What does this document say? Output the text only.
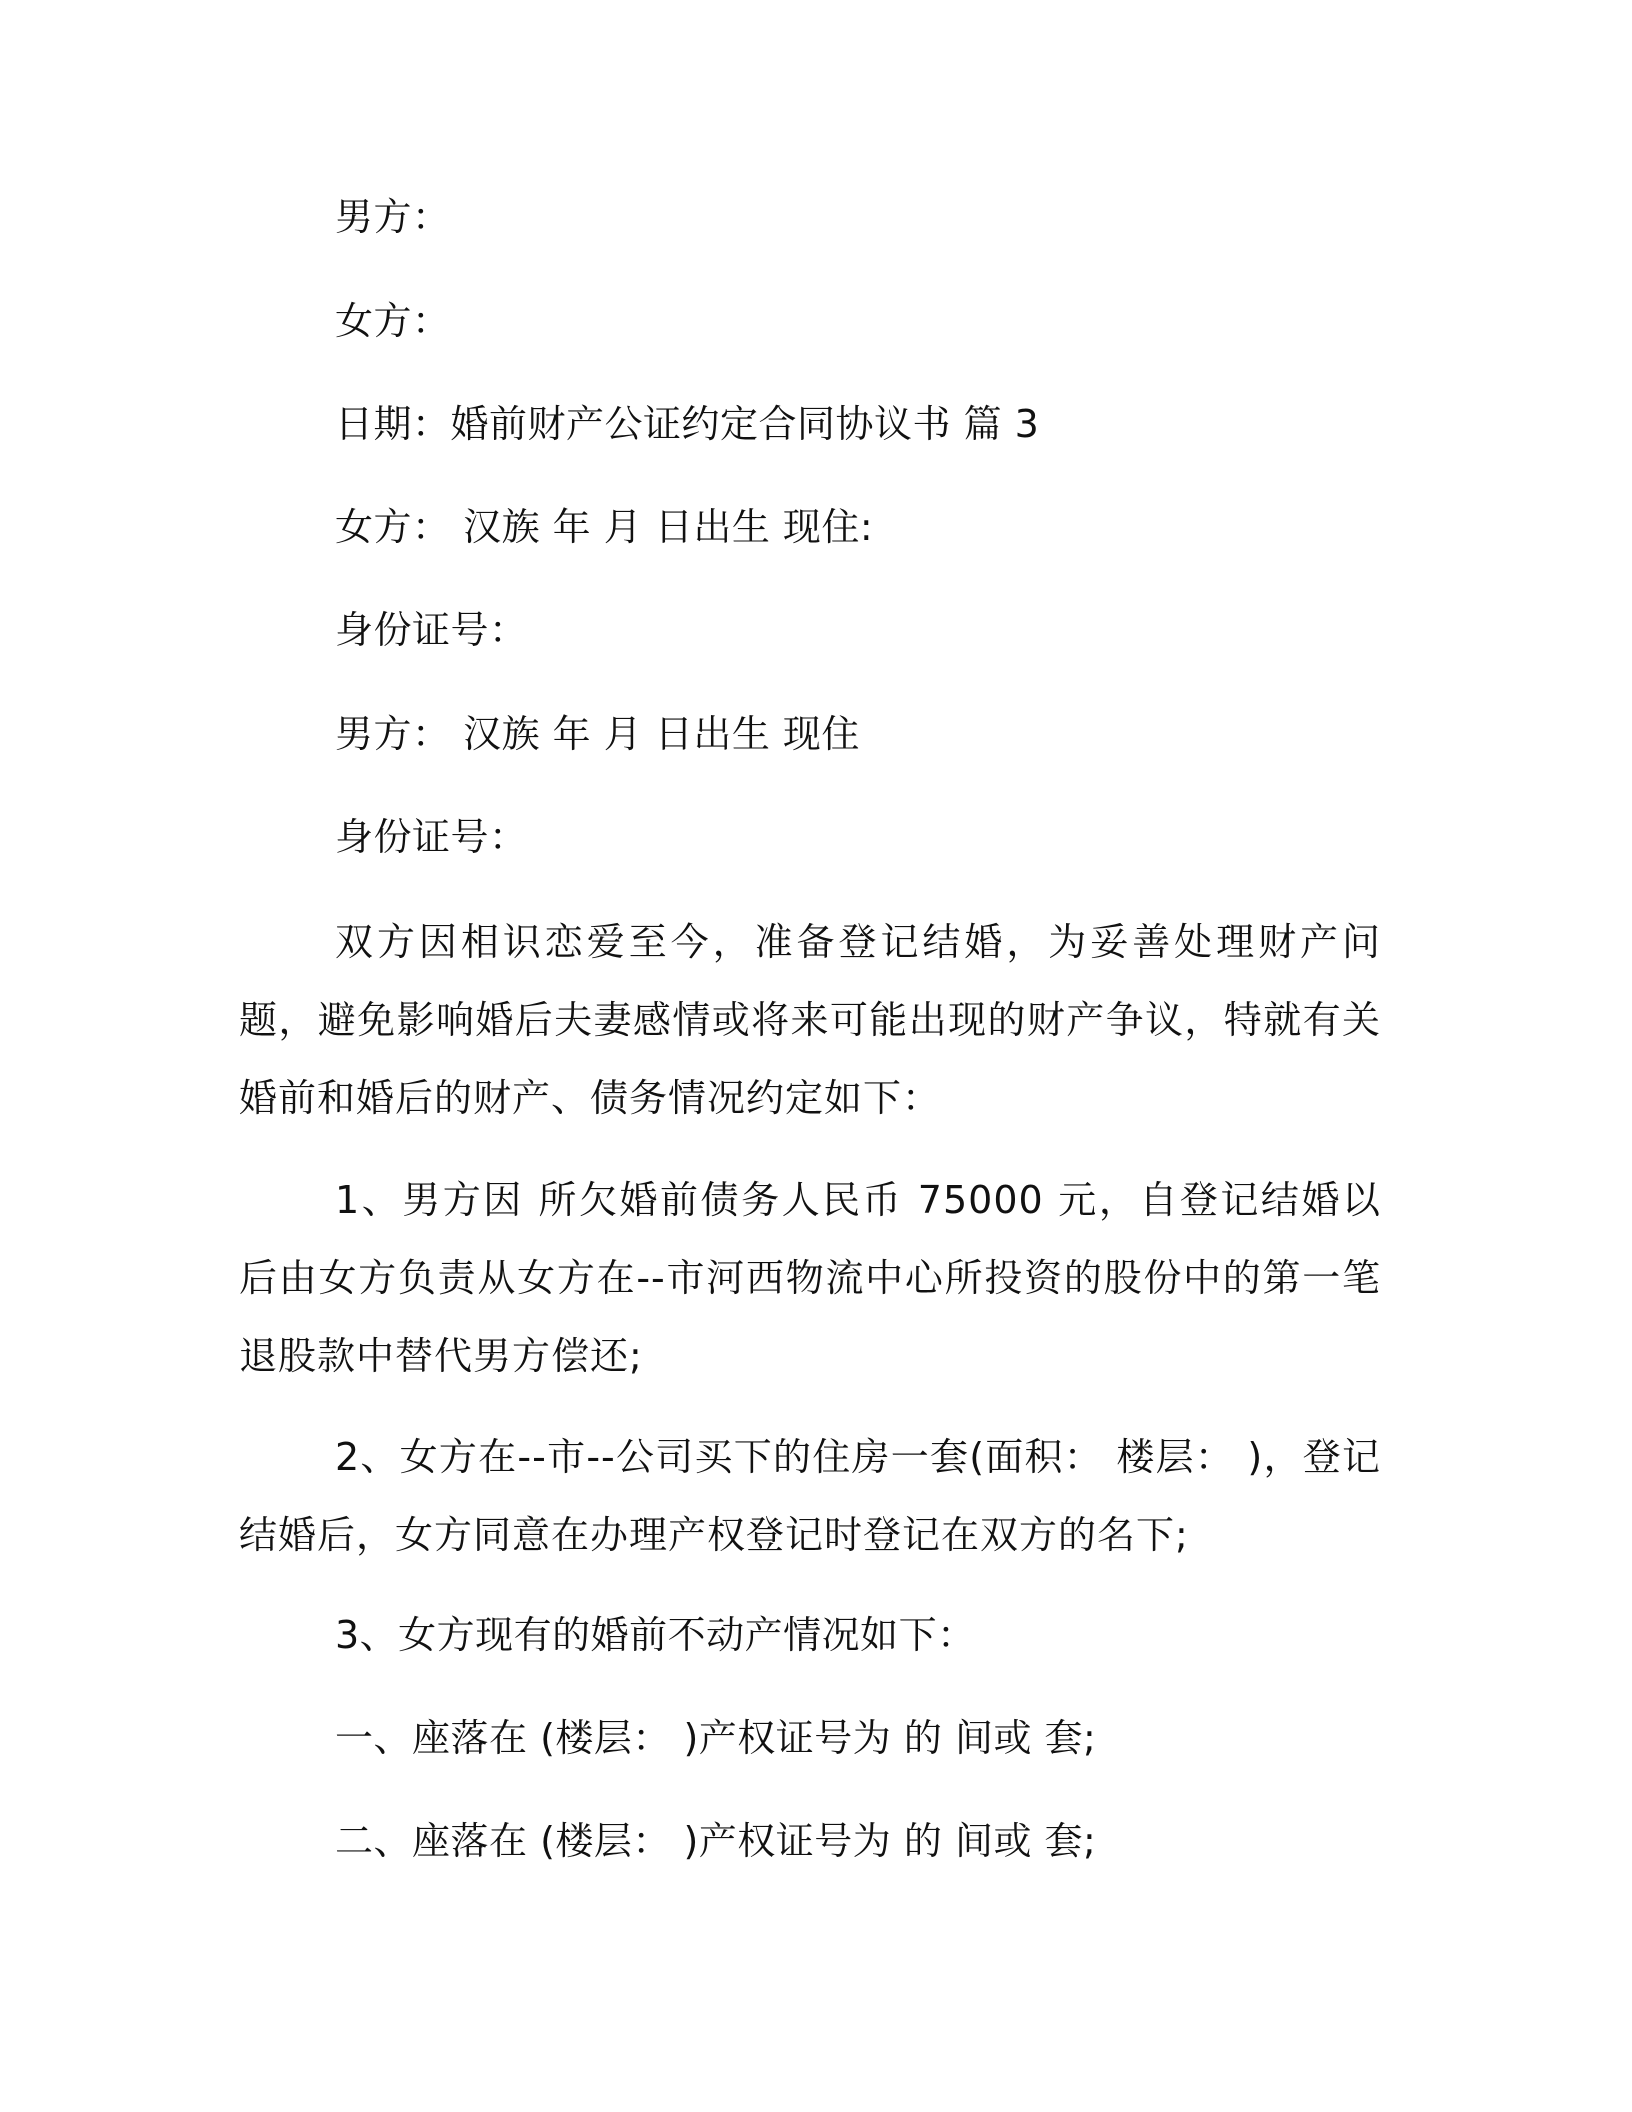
男方：
女方：
日期：婚前财产公证约定合同协议书 篇 3
女方： 汉族 年 月 日出生 现住:
身份证号：
男方： 汉族 年 月 日出生 现住
身份证号：
双方因相识恋爱至今，准备登记结婚，为妥善处理财产问题，避免影响婚后夫妻感情或将来可能出现的财产争议，特就有关婚前和婚后的财产、债务情况约定如下：
1、男方因 所欠婚前债务人民币 75000 元，自登记结婚以后由女方负责从女方在--市河西物流中心所投资的股份中的第一笔退股款中替代男方偿还;
2、女方在--市--公司买下的住房一套(面积： 楼层： )，登记结婚后，女方同意在办理产权登记时登记在双方的名下;
3、女方现有的婚前不动产情况如下：
一、座落在 (楼层： )产权证号为 的 间或 套;
二、座落在 (楼层： )产权证号为 的 间或 套;
